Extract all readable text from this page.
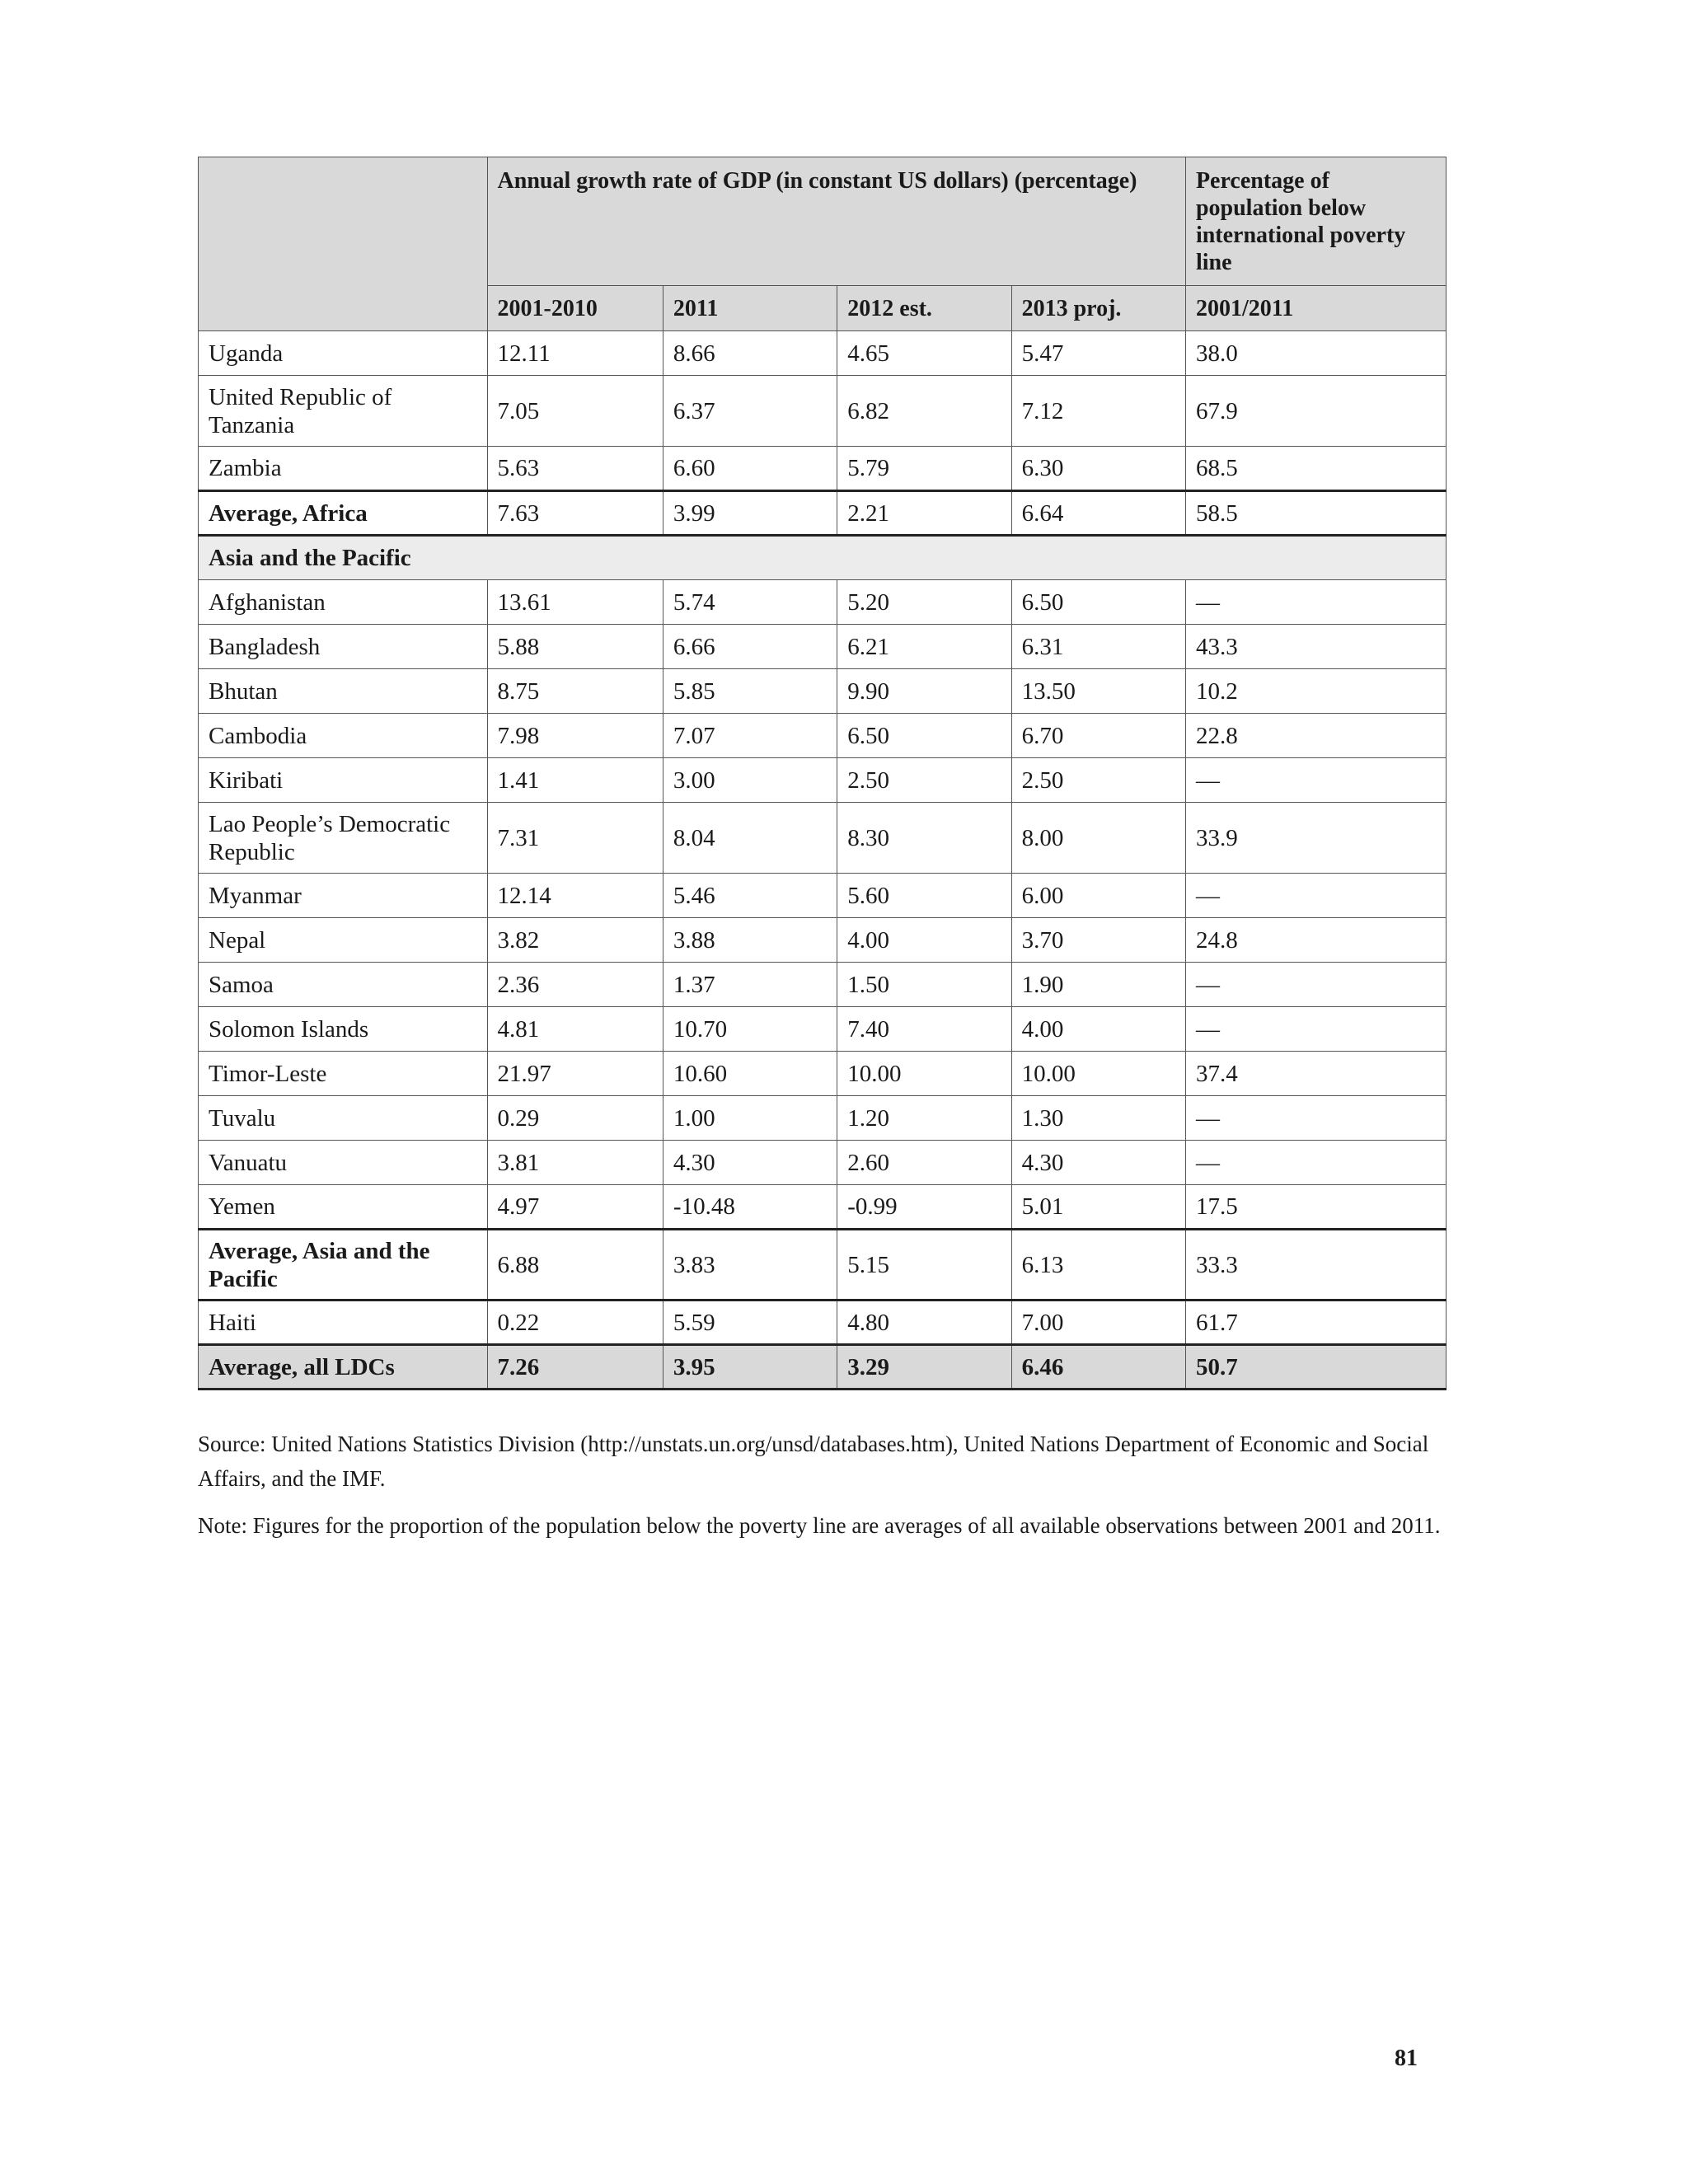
	Annual growth rate of GDP (in constant US dollars) (percentage)				Percentage of population below international poverty line
	2001-2010	2011	2012 est.	2013 proj.	2001/2011
Uganda	12.11	8.66	4.65	5.47	38.0
United Republic of Tanzania	7.05	6.37	6.82	7.12	67.9
Zambia	5.63	6.60	5.79	6.30	68.5
Average, Africa	7.63	3.99	2.21	6.64	58.5
Asia and the Pacific					
Afghanistan	13.61	5.74	5.20	6.50	—
Bangladesh	5.88	6.66	6.21	6.31	43.3
Bhutan	8.75	5.85	9.90	13.50	10.2
Cambodia	7.98	7.07	6.50	6.70	22.8
Kiribati	1.41	3.00	2.50	2.50	—
Lao People’s Democratic Republic	7.31	8.04	8.30	8.00	33.9
Myanmar	12.14	5.46	5.60	6.00	—
Nepal	3.82	3.88	4.00	3.70	24.8
Samoa	2.36	1.37	1.50	1.90	—
Solomon Islands	4.81	10.70	7.40	4.00	—
Timor-Leste	21.97	10.60	10.00	10.00	37.4
Tuvalu	0.29	1.00	1.20	1.30	—
Vanuatu	3.81	4.30	2.60	4.30	—
Yemen	4.97	-10.48	-0.99	5.01	17.5
Average, Asia and the Pacific	6.88	3.83	5.15	6.13	33.3
Haiti	0.22	5.59	4.80	7.00	61.7
Average, all LDCs	7.26	3.95	3.29	6.46	50.7

Source: United Nations Statistics Division (http://unstats.un.org/unsd/databases.htm), United Nations Department of Economic and Social Affairs, and the IMF.

Note: Figures for the proportion of the population below the poverty line are averages of all available observations between 2001 and 2011.

81
